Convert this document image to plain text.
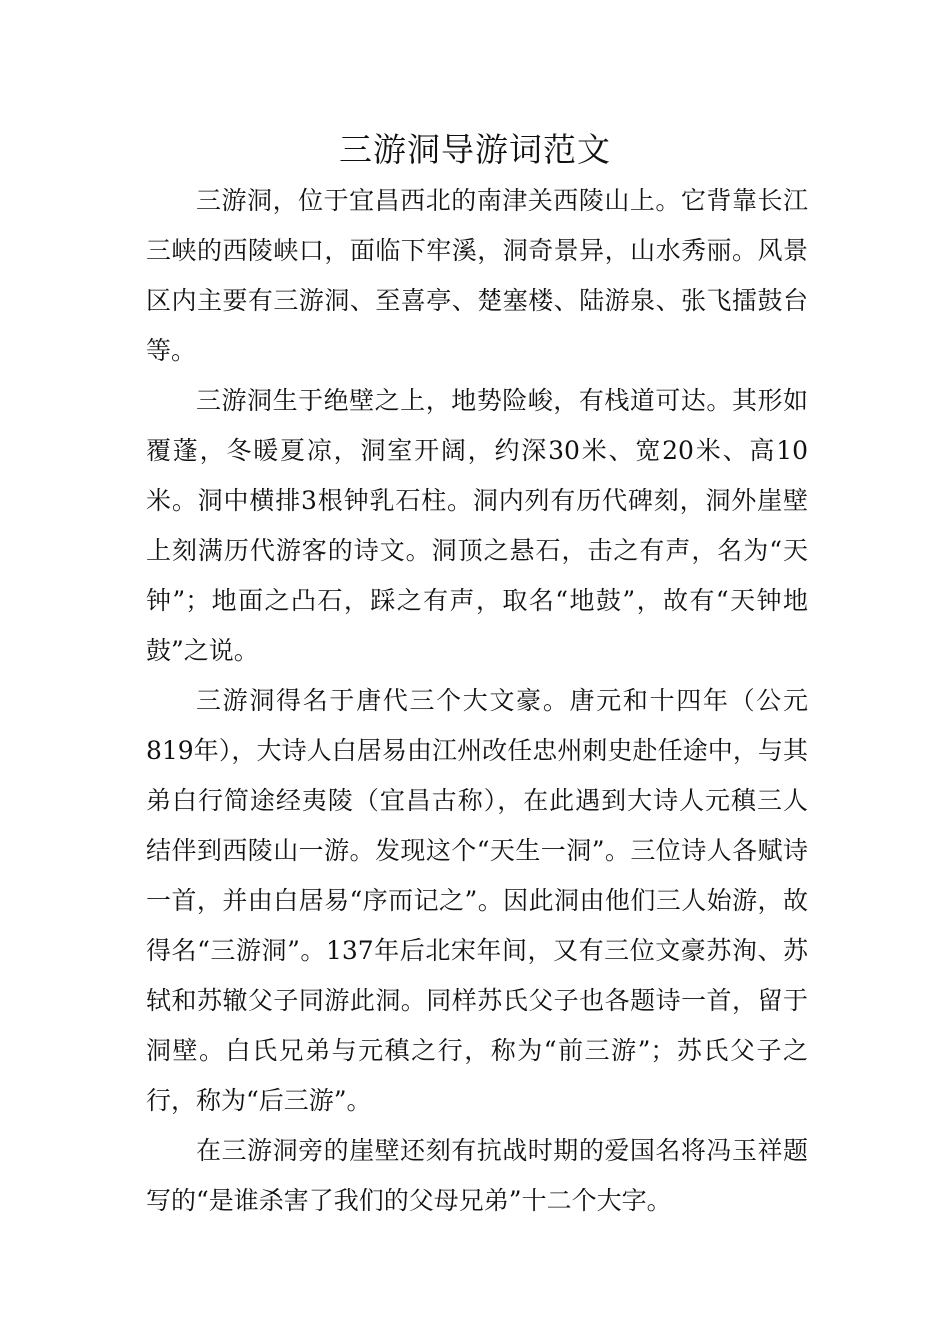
三游洞导游词范文

三游洞，位于宜昌西北的南津关西陵山上。它背靠长江三峡的西陵峡口，面临下牢溪，洞奇景异，山水秀丽。风景区内主要有三游洞、至喜亭、楚塞楼、陆游泉、张飞擂鼓台等。

三游洞生于绝壁之上，地势险峻，有栈道可达。其形如覆蓬，冬暖夏凉，洞室开阔，约深30米、宽20米、高10米。洞中横排3根钟乳石柱。洞内列有历代碑刻，洞外崖壁上刻满历代游客的诗文。洞顶之悬石，击之有声，名为“天钟”；地面之凸石，踩之有声，取名“地鼓”，故有“天钟地鼓”之说。

三游洞得名于唐代三个大文豪。唐元和十四年（公元819年），大诗人白居易由江州改任忠州刺史赴任途中，与其弟白行简途经夷陵（宜昌古称），在此遇到大诗人元稹三人结伴到西陵山一游。发现这个“天生一洞”。三位诗人各赋诗一首，并由白居易“序而记之”。因此洞由他们三人始游，故得名“三游洞”。137年后北宋年间，又有三位文豪苏洵、苏轼和苏辙父子同游此洞。同样苏氏父子也各题诗一首，留于洞壁。白氏兄弟与元稹之行，称为“前三游”；苏氏父子之行，称为“后三游”。

在三游洞旁的崖壁还刻有抗战时期的爱国名将冯玉祥题写的“是谁杀害了我们的父母兄弟”十二个大字。
